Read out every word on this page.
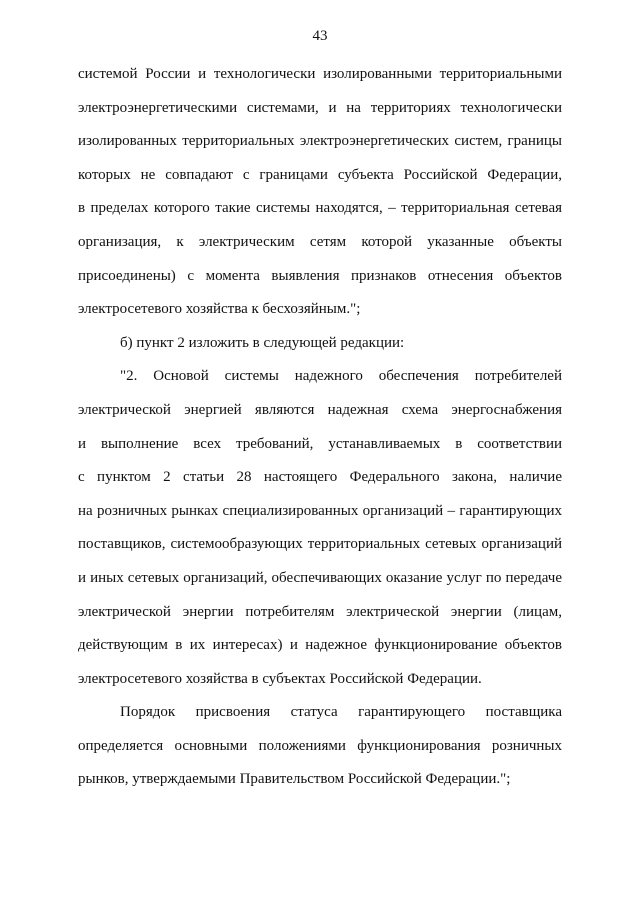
43
системой России и технологически изолированными территориальными
электроэнергетическими системами, и на территориях технологически
изолированных территориальных электроэнергетических систем, границы
которых не совпадают с границами субъекта Российской Федерации,
в пределах которого такие системы находятся, – территориальная сетевая
организация, к электрическим сетям которой указанные объекты
присоединены) с момента выявления признаков отнесения объектов
электросетевого хозяйства к бесхозяйным.";
б) пункт 2 изложить в следующей редакции:
"2. Основой системы надежного обеспечения потребителей
электрической энергией являются надежная схема энергоснабжения
и выполнение всех требований, устанавливаемых в соответствии
с пунктом 2 статьи 28 настоящего Федерального закона, наличие
на розничных рынках специализированных организаций – гарантирующих
поставщиков, системообразующих территориальных сетевых организаций
и иных сетевых организаций, обеспечивающих оказание услуг по передаче
электрической энергии потребителям электрической энергии (лицам,
действующим в их интересах) и надежное функционирование объектов
электросетевого хозяйства в субъектах Российской Федерации.
Порядок присвоения статуса гарантирующего поставщика
определяется основными положениями функционирования розничных
рынков, утверждаемыми Правительством Российской Федерации.";
